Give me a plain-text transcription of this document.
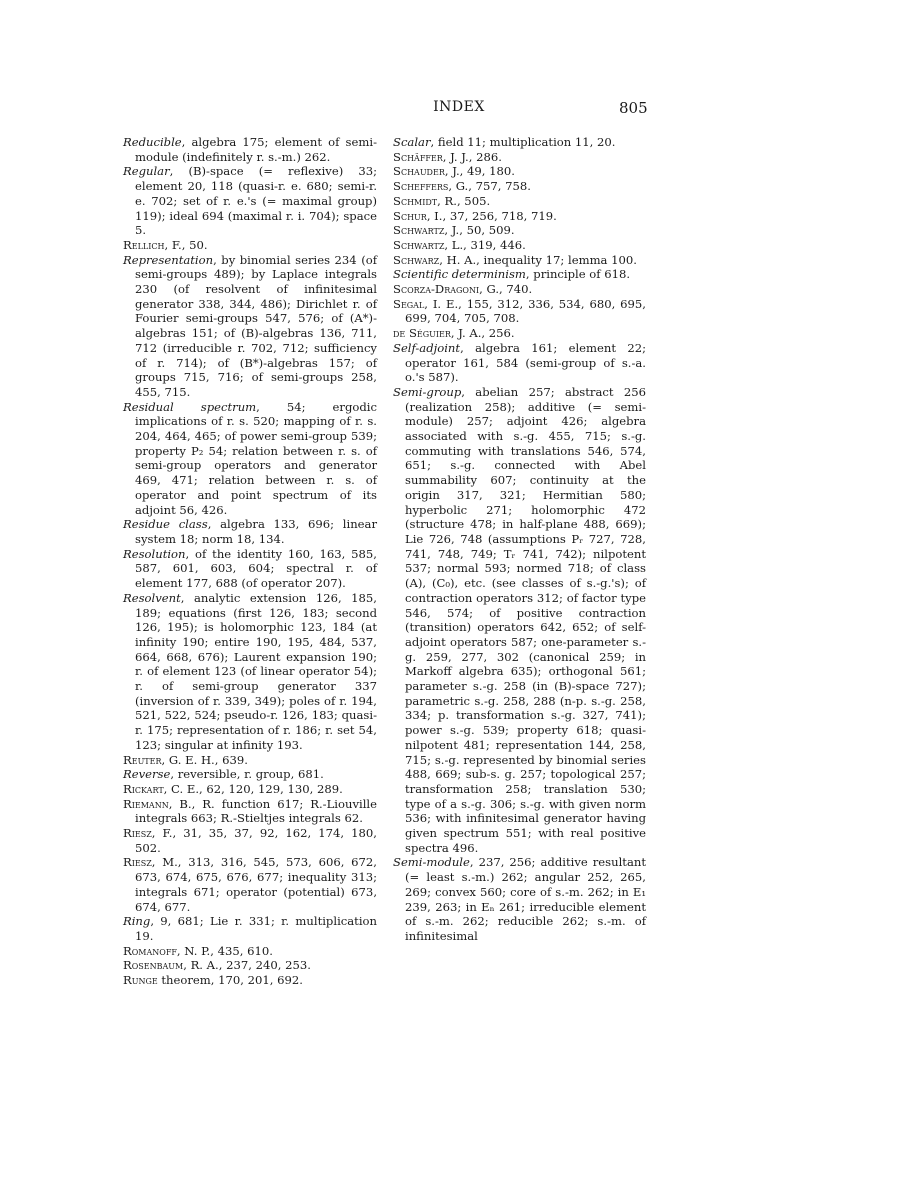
INDEX	805

Reducible, algebra 175; element of semi-module (indefinitely r. s.-m.) 262.

Regular, (B)-space (= reflexive) 33; element 20, 118 (quasi-r. e. 680; semi-r. e. 702; set of r. e.'s (= maximal group) 119); ideal 694 (maximal r. i. 704); space 5.

Rellich, F., 50.

Representation, by binomial series 234 (of semi-groups 489); by Laplace integrals 230 (of resolvent of infinitesimal generator 338, 344, 486); Dirichlet r. of Fourier semi-groups 547, 576; of (A*)-algebras 151; of (B)-algebras 136, 711, 712 (irreducible r. 702, 712; sufficiency of r. 714); of (B*)-algebras 157; of groups 715, 716; of semi-groups 258, 455, 715.

Residual spectrum, 54; ergodic implications of r. s. 520; mapping of r. s. 204, 464, 465; of power semi-group 539; property P₂ 54; relation between r. s. of semi-group operators and generator 469, 471; relation between r. s. of operator and point spectrum of its adjoint 56, 426.

Residue class, algebra 133, 696; linear system 18; norm 18, 134.

Resolution, of the identity 160, 163, 585, 587, 601, 603, 604; spectral r. of element 177, 688 (of operator 207).

Resolvent, analytic extension 126, 185, 189; equations (first 126, 183; second 126, 195); is holomorphic 123, 184 (at infinity 190; entire 190, 195, 484, 537, 664, 668, 676); Laurent expansion 190; r. of element 123 (of linear operator 54); r. of semi-group generator 337 (inversion of r. 339, 349); poles of r. 194, 521, 522, 524; pseudo-r. 126, 183; quasi-r. 175; representation of r. 186; r. set 54, 123; singular at infinity 193.

Reuter, G. E. H., 639.

Reverse, reversible, r. group, 681.

Rickart, C. E., 62, 120, 129, 130, 289.

Riemann, B., R. function 617; R.-Liouville integrals 663; R.-Stieltjes integrals 62.

Riesz, F., 31, 35, 37, 92, 162, 174, 180, 502.

Riesz, M., 313, 316, 545, 573, 606, 672, 673, 674, 675, 676, 677; inequality 313; integrals 671; operator (potential) 673, 674, 677.

Ring, 9, 681; Lie r. 331; r. multiplication 19.

Romanoff, N. P., 435, 610.

Rosenbaum, R. A., 237, 240, 253.

Runge theorem, 170, 201, 692.

Scalar, field 11; multiplication 11, 20.

Schäffer, J. J., 286.

Schauder, J., 49, 180.

Scheffers, G., 757, 758.

Schmidt, R., 505.

Schur, I., 37, 256, 718, 719.

Schwartz, J., 50, 509.

Schwartz, L., 319, 446.

Schwarz, H. A., inequality 17; lemma 100.

Scientific determinism, principle of 618.

Scorza-Dragoni, G., 740.

Segal, I. E., 155, 312, 336, 534, 680, 695, 699, 704, 705, 708.

de Séguier, J. A., 256.

Self-adjoint, algebra 161; element 22; operator 161, 584 (semi-group of s.-a. o.'s 587).

Semi-group, abelian 257; abstract 256 (realization 258); additive (= semi-module) 257; adjoint 426; algebra associated with s.-g. 455, 715; s.-g. commuting with translations 546, 574, 651; s.-g. connected with Abel summability 607; continuity at the origin 317, 321; Hermitian 580; hyperbolic 271; holomorphic 472 (structure 478; in half-plane 488, 669); Lie 726, 748 (assumptions Pᵣ 727, 728, 741, 748, 749; Tᵣ 741, 742); nilpotent 537; normal 593; normed 718; of class (A), (C₀), etc. (see classes of s.-g.'s); of contraction operators 312; of factor type 546, 574; of positive contraction (transition) operators 642, 652; of self-adjoint operators 587; one-parameter s.-g. 259, 277, 302 (canonical 259; in Markoff algebra 635); orthogonal 561; parameter s.-g. 258 (in (B)-space 727); parametric s.-g. 258, 288 (n-p. s.-g. 258, 334; p. transformation s.-g. 327, 741); power s.-g. 539; property 618; quasi-nilpotent 481; representation 144, 258, 715; s.-g. represented by binomial series 488, 669; sub-s. g. 257; topological 257; transformation 258; translation 530; type of a s.-g. 306; s.-g. with given norm 536; with infinitesimal generator having given spectrum 551; with real positive spectra 496.

Semi-module, 237, 256; additive resultant (= least s.-m.) 262; angular 252, 265, 269; convex 560; core of s.-m. 262; in E₁ 239, 263; in Eₙ 261; irreducible element of s.-m. 262; reducible 262; s.-m. of infinitesimal
